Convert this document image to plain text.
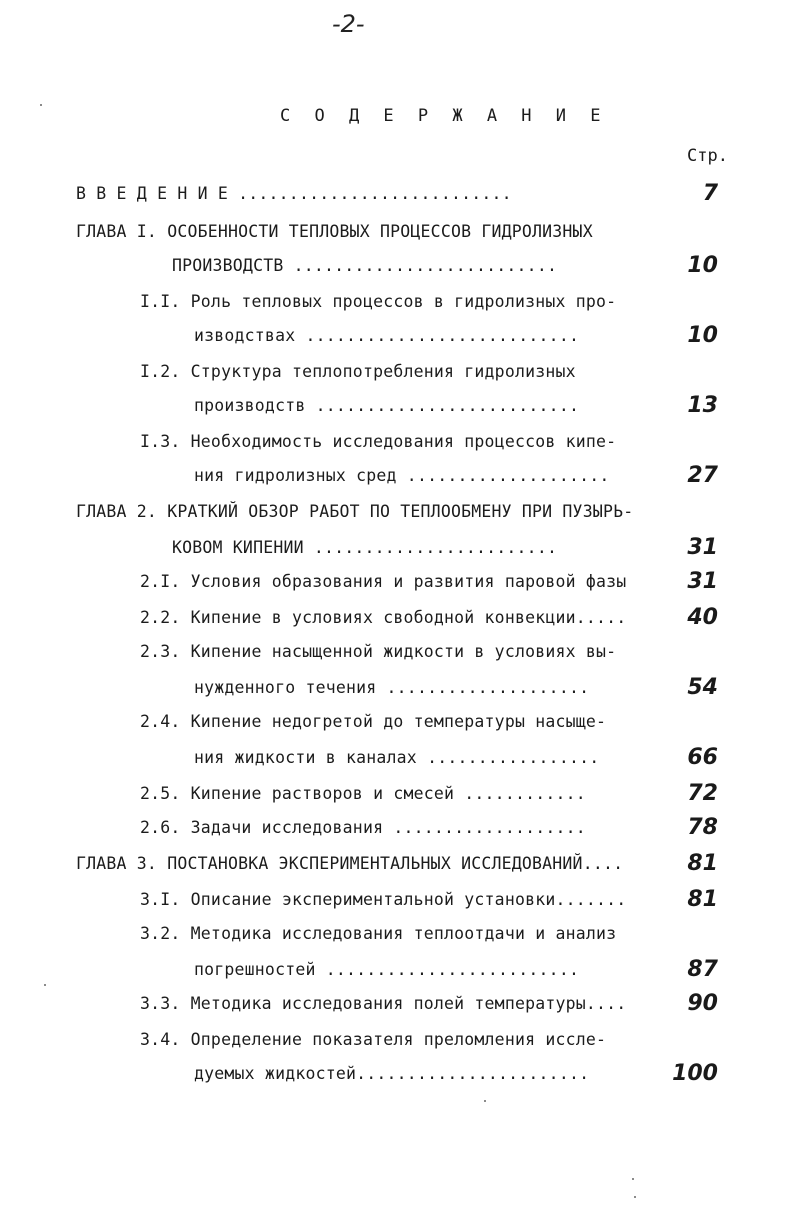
-2-
С О Д Е Р Ж А Н И Е
Стр.
В В Е Д Е Н И Е ...........................	7
ГЛАВА I. ОСОБЕННОСТИ ТЕПЛОВЫХ ПРОЦЕССОВ ГИДРОЛИЗНЫХ
ПРОИЗВОДСТВ ..........................	10
I.I. Роль тепловых процессов в гидролизных про-
изводствах ...........................	10
I.2. Структура теплопотребления гидролизных
производств ..........................	13
I.3. Необходимость исследования процессов кипе-
ния гидролизных сред ....................	27
ГЛАВА 2. КРАТКИЙ ОБЗОР РАБОТ ПО ТЕПЛООБМЕНУ ПРИ ПУЗЫРЬ-
КОВОМ КИПЕНИИ ........................	31
2.I. Условия образования и развития паровой фазы	31
2.2. Кипение в условиях свободной конвекции.....	40
2.3. Кипение насыщенной жидкости в условиях вы-
нужденного течения ....................	54
2.4. Кипение недогретой до температуры насыще-
ния жидкости в каналах .................	66
2.5. Кипение растворов и смесей ............	72
2.6. Задачи исследования ...................	78
ГЛАВА 3. ПОСТАНОВКА ЭКСПЕРИМЕНТАЛЬНЫХ ИССЛЕДОВАНИЙ....	81
3.I. Описание экспериментальной установки.......	81
3.2. Методика исследования теплоотдачи и анализ
погрешностей .........................	87
3.3. Методика исследования полей температуры....	90
3.4. Определение показателя преломления иссле-
дуемых жидкостей.......................	100
